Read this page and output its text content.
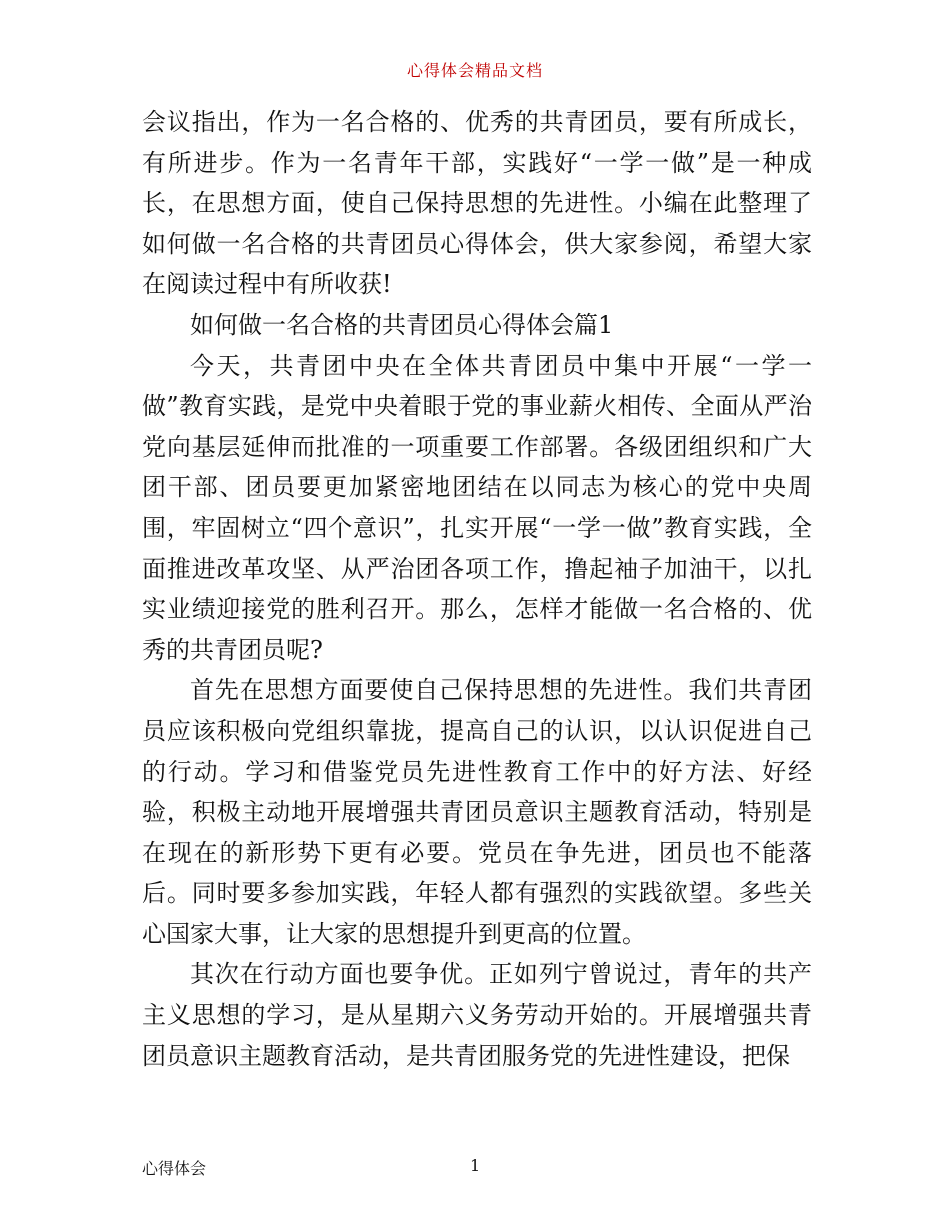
心得体会精品文档

会议指出，作为一名合格的、优秀的共青团员，要有所成长，有所进步。作为一名青年干部，实践好“一学一做”是一种成长，在思想方面，使自己保持思想的先进性。小编在此整理了如何做一名合格的共青团员心得体会，供大家参阅，希望大家在阅读过程中有所收获!

如何做一名合格的共青团员心得体会篇1

今天，共青团中央在全体共青团员中集中开展“一学一做”教育实践，是党中央着眼于党的事业薪火相传、全面从严治党向基层延伸而批准的一项重要工作部署。各级团组织和广大团干部、团员要更加紧密地团结在以同志为核心的党中央周围，牢固树立“四个意识”，扎实开展“一学一做”教育实践，全面推进改革攻坚、从严治团各项工作，撸起袖子加油干，以扎实业绩迎接党的胜利召开。那么，怎样才能做一名合格的、优秀的共青团员呢?

首先在思想方面要使自己保持思想的先进性。我们共青团员应该积极向党组织靠拢，提高自己的认识，以认识促进自己的行动。学习和借鉴党员先进性教育工作中的好方法、好经验，积极主动地开展增强共青团员意识主题教育活动，特别是在现在的新形势下更有必要。党员在争先进，团员也不能落后。同时要多参加实践，年轻人都有强烈的实践欲望。多些关心国家大事，让大家的思想提升到更高的位置。

其次在行动方面也要争优。正如列宁曾说过，青年的共产主义思想的学习，是从星期六义务劳动开始的。开展增强共青团员意识主题教育活动，是共青团服务党的先进性建设，把保

心得体会	1
